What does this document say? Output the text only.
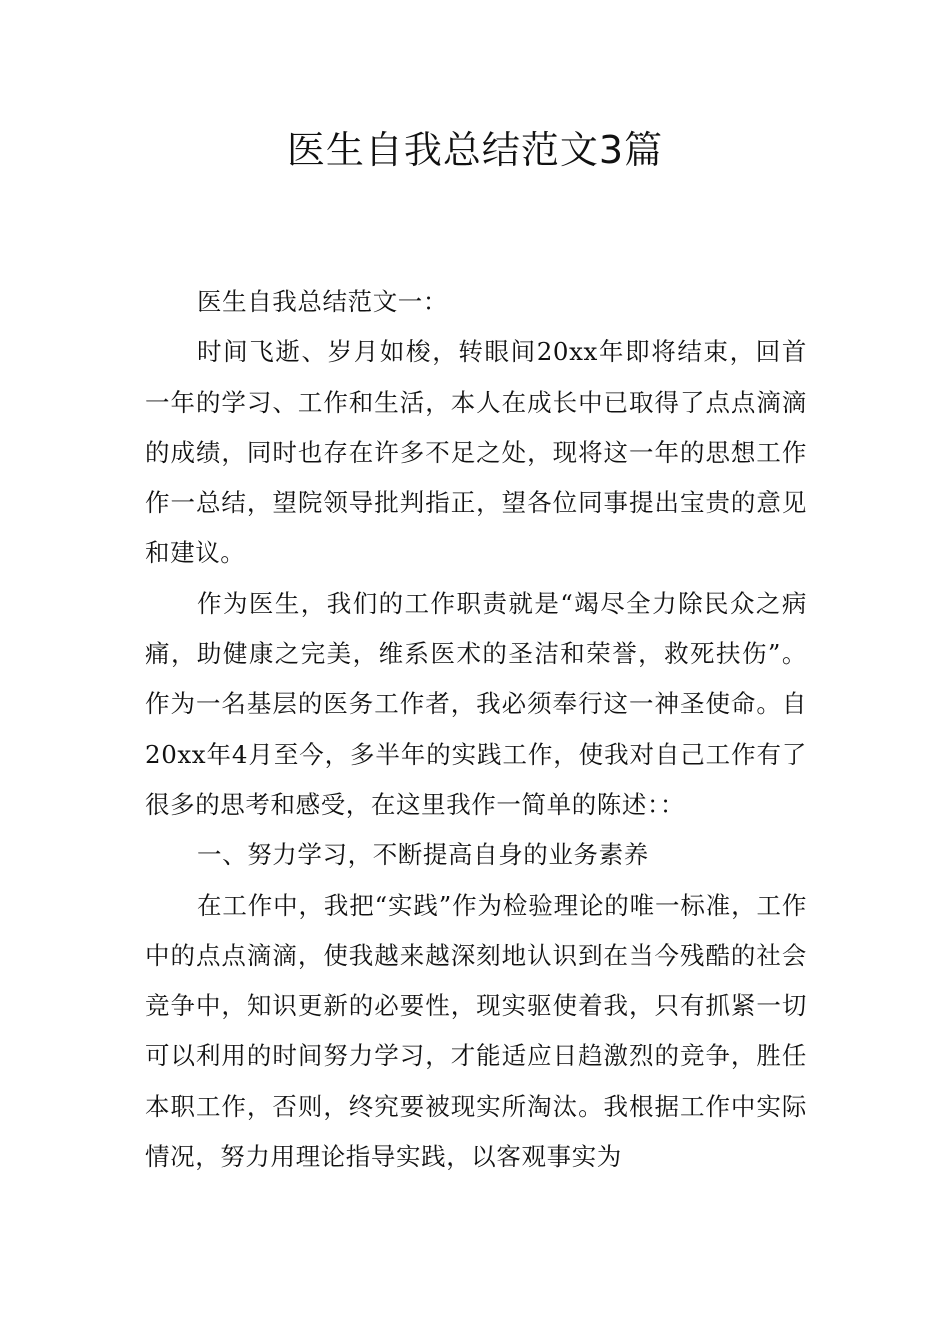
医生自我总结范文3篇

医生自我总结范文一：

时间飞逝、岁月如梭，转眼间20xx年即将结束，回首一年的学习、工作和生活，本人在成长中已取得了点点滴滴的成绩，同时也存在许多不足之处，现将这一年的思想工作作一总结，望院领导批判指正，望各位同事提出宝贵的意见和建议。

作为医生，我们的工作职责就是“竭尽全力除民众之病痛，助健康之完美，维系医术的圣洁和荣誉，救死扶伤”。作为一名基层的医务工作者，我必须奉行这一神圣使命。自20xx年4月至今，多半年的实践工作，使我对自己工作有了很多的思考和感受，在这里我作一简单的陈述：：

一、努力学习，不断提高自身的业务素养

在工作中，我把“实践”作为检验理论的唯一标准，工作中的点点滴滴，使我越来越深刻地认识到在当今残酷的社会竞争中，知识更新的必要性，现实驱使着我，只有抓紧一切可以利用的时间努力学习，才能适应日趋激烈的竞争，胜任本职工作，否则，终究要被现实所淘汰。我根据工作中实际情况，努力用理论指导实践，以客观事实为
